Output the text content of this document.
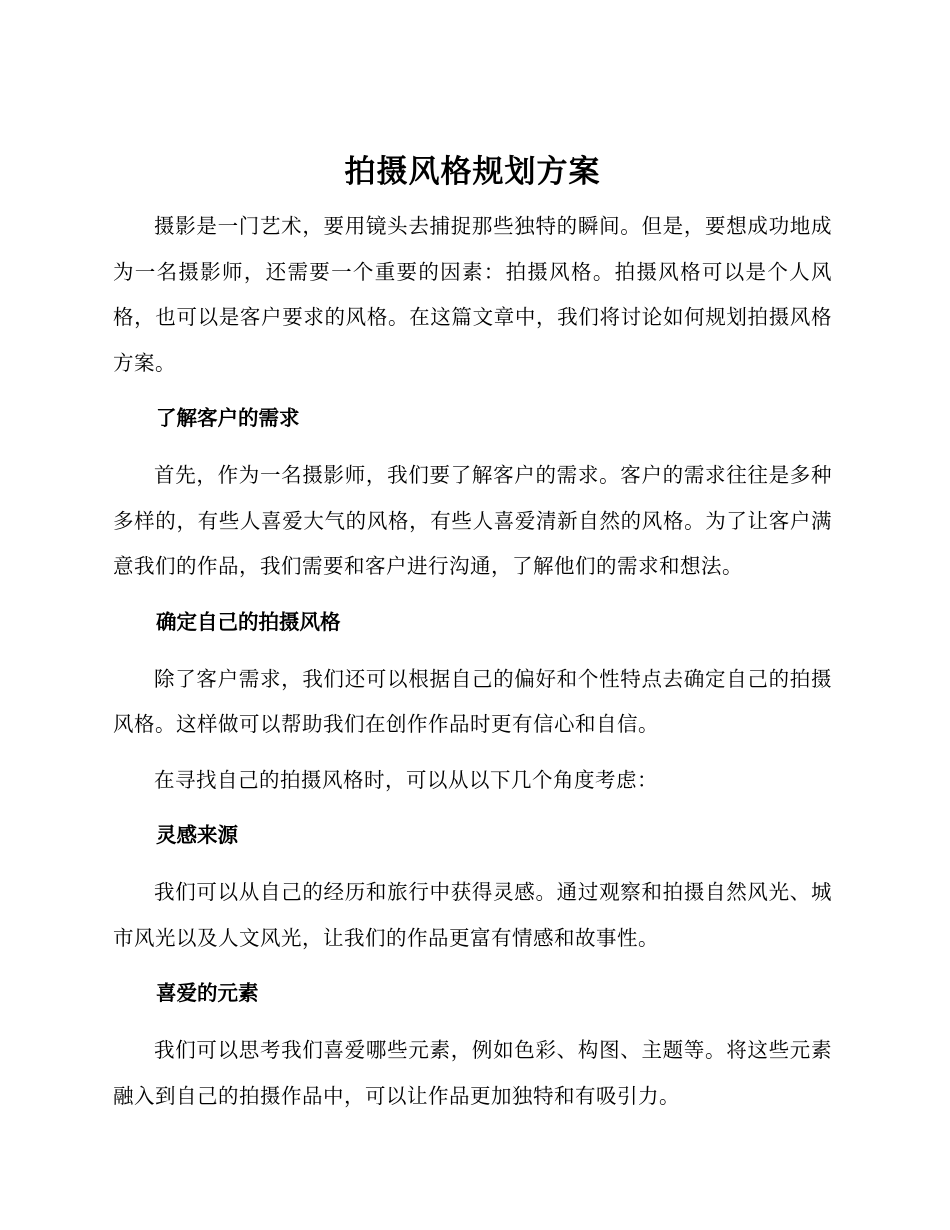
拍摄风格规划方案

摄影是一门艺术，要用镜头去捕捉那些独特的瞬间。但是，要想成功地成为一名摄影师，还需要一个重要的因素：拍摄风格。拍摄风格可以是个人风格，也可以是客户要求的风格。在这篇文章中，我们将讨论如何规划拍摄风格方案。

了解客户的需求

首先，作为一名摄影师，我们要了解客户的需求。客户的需求往往是多种多样的，有些人喜爱大气的风格，有些人喜爱清新自然的风格。为了让客户满意我们的作品，我们需要和客户进行沟通，了解他们的需求和想法。

确定自己的拍摄风格

除了客户需求，我们还可以根据自己的偏好和个性特点去确定自己的拍摄风格。这样做可以帮助我们在创作作品时更有信心和自信。

在寻找自己的拍摄风格时，可以从以下几个角度考虑：

灵感来源

我们可以从自己的经历和旅行中获得灵感。通过观察和拍摄自然风光、城市风光以及人文风光，让我们的作品更富有情感和故事性。

喜爱的元素

我们可以思考我们喜爱哪些元素，例如色彩、构图、主题等。将这些元素融入到自己的拍摄作品中，可以让作品更加独特和有吸引力。
